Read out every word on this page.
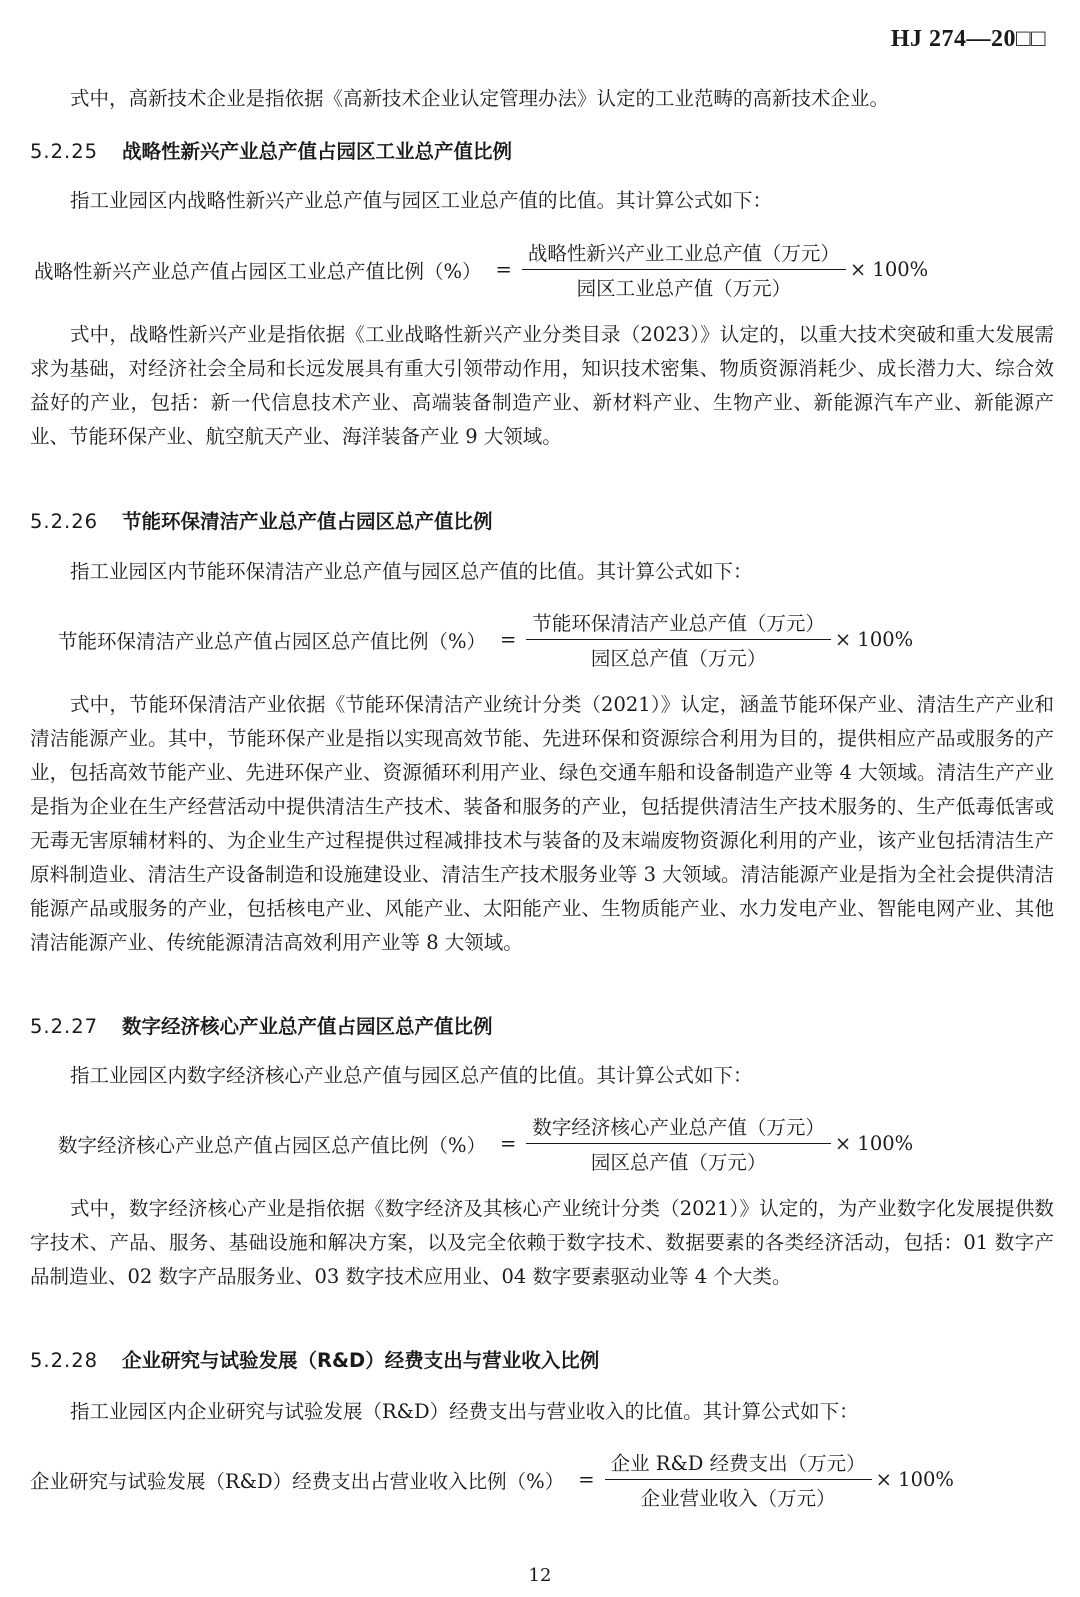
HJ 274—20□□

式中，高新技术企业是指依据《高新技术企业认定管理办法》认定的工业范畴的高新技术企业。

5.2.25 战略性新兴产业总产值占园区工业总产值比例

指工业园区内战略性新兴产业总产值与园区工业总产值的比值。其计算公式如下：

战略性新兴产业总产值占园区工业总产值比例（%） = $\frac{\text{战略性新兴产业工业总产值（万元）}}{\text{园区工业总产值（万元）}} \times 100\%$

式中，战略性新兴产业是指依据《工业战略性新兴产业分类目录（2023）》认定的，以重大技术突破和重大发展需求为基础，对经济社会全局和长远发展具有重大引领带动作用，知识技术密集、物质资源消耗少、成长潜力大、综合效益好的产业，包括：新一代信息技术产业、高端装备制造产业、新材料产业、生物产业、新能源汽车产业、新能源产业、节能环保产业、航空航天产业、海洋装备产业 9 大领域。

5.2.26 节能环保清洁产业总产值占园区总产值比例

指工业园区内节能环保清洁产业总产值与园区总产值的比值。其计算公式如下：

节能环保清洁产业总产值占园区总产值比例（%） = $\frac{\text{节能环保清洁产业总产值（万元）}}{\text{园区总产值（万元）}} \times 100\%$

式中，节能环保清洁产业依据《节能环保清洁产业统计分类（2021）》认定，涵盖节能环保产业、清洁生产产业和清洁能源产业。其中，节能环保产业是指以实现高效节能、先进环保和资源综合利用为目的，提供相应产品或服务的产业，包括高效节能产业、先进环保产业、资源循环利用产业、绿色交通车船和设备制造产业等 4 大领域。清洁生产产业是指为企业在生产经营活动中提供清洁生产技术、装备和服务的产业，包括提供清洁生产技术服务的、生产低毒低害或无毒无害原辅材料的、为企业生产过程提供过程减排技术与装备的及末端废物资源化利用的产业，该产业包括清洁生产原料制造业、清洁生产设备制造和设施建设业、清洁生产技术服务业等 3 大领域。清洁能源产业是指为全社会提供清洁能源产品或服务的产业，包括核电产业、风能产业、太阳能产业、生物质能产业、水力发电产业、智能电网产业、其他清洁能源产业、传统能源清洁高效利用产业等 8 大领域。

5.2.27 数字经济核心产业总产值占园区总产值比例

指工业园区内数字经济核心产业总产值与园区总产值的比值。其计算公式如下：

数字经济核心产业总产值占园区总产值比例（%） = $\frac{\text{数字经济核心产业总产值（万元）}}{\text{园区总产值（万元）}} \times 100\%$

式中，数字经济核心产业是指依据《数字经济及其核心产业统计分类（2021）》认定的，为产业数字化发展提供数字技术、产品、服务、基础设施和解决方案，以及完全依赖于数字技术、数据要素的各类经济活动，包括：01 数字产品制造业、02 数字产品服务业、03 数字技术应用业、04 数字要素驱动业等 4 个大类。

5.2.28 企业研究与试验发展（R&D）经费支出与营业收入比例

指工业园区内企业研究与试验发展（R&D）经费支出与营业收入的比值。其计算公式如下：

企业研究与试验发展（R&D）经费支出占营业收入比例（%） = $\frac{\text{企业 R\&D 经费支出（万元）}}{\text{企业营业收入（万元）}} \times 100\%$
12
